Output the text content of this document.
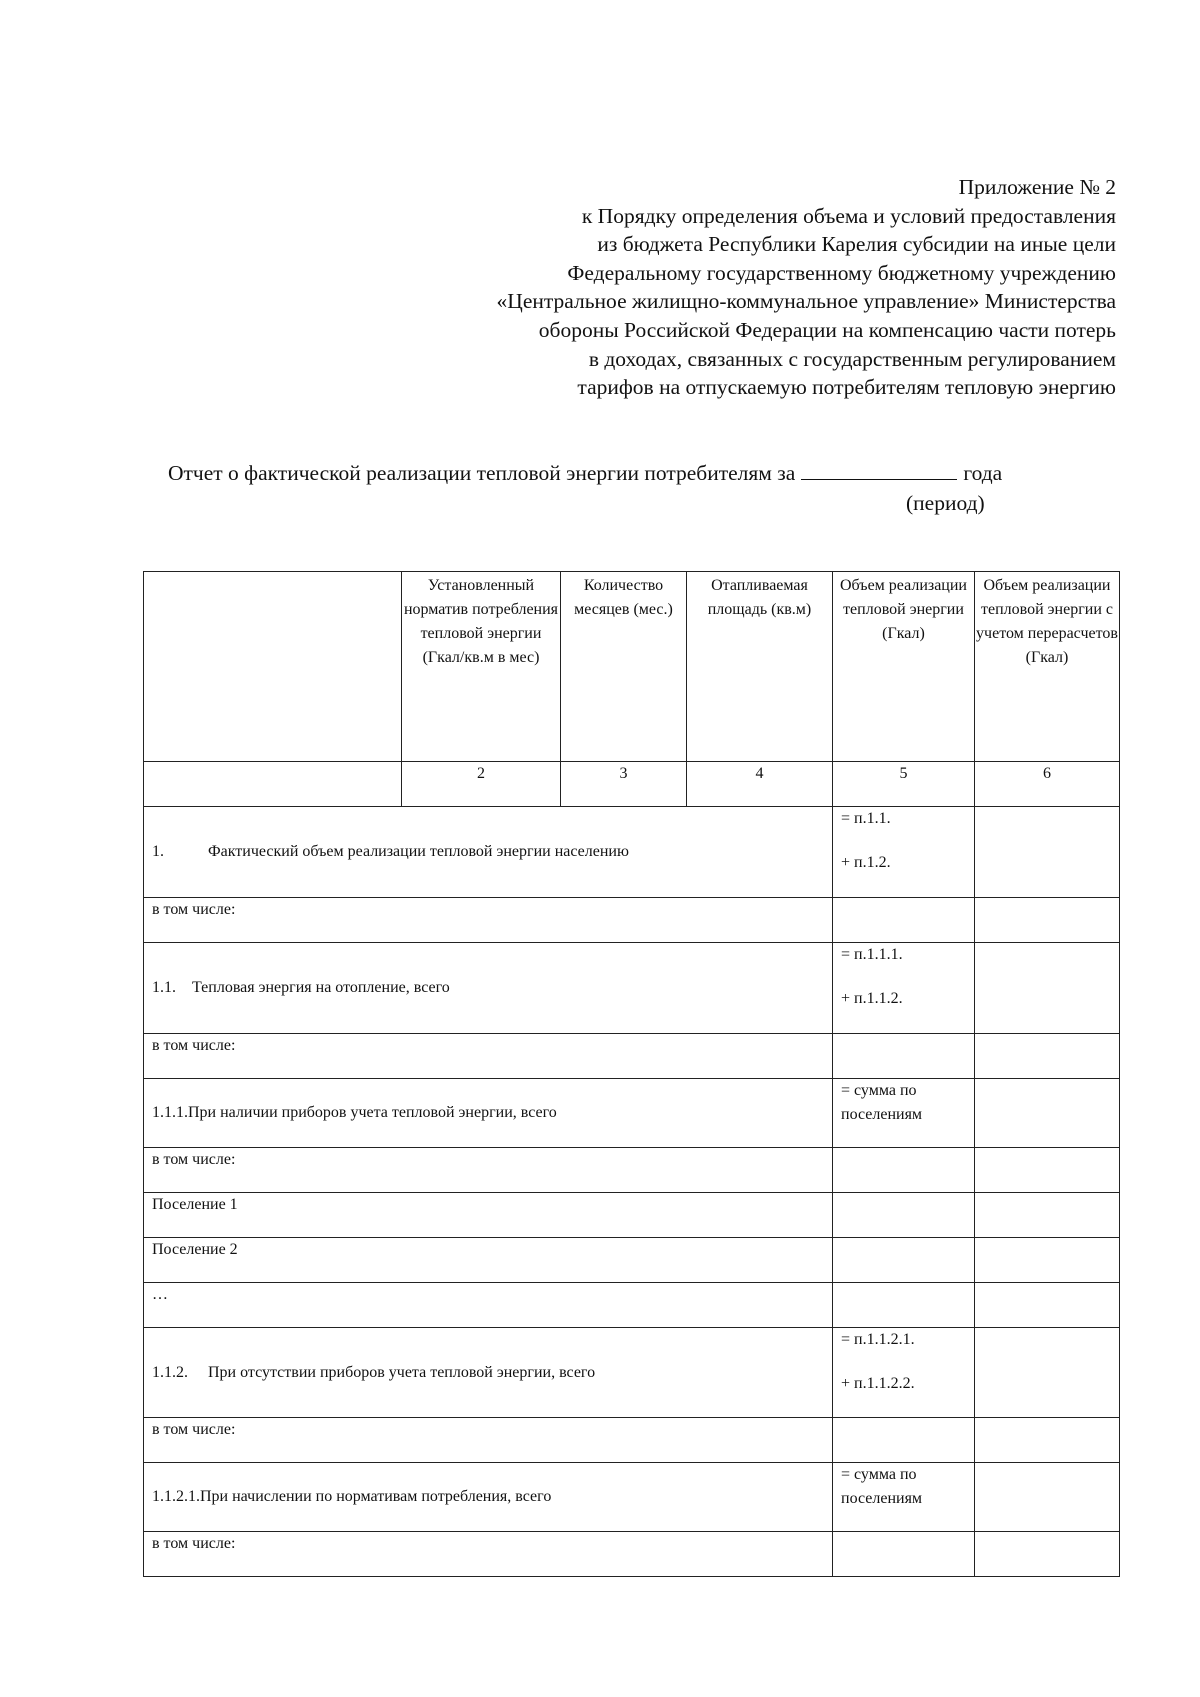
Приложение № 2
к Порядку определения объема и условий предоставления
из бюджета Республики Карелия субсидии на иные цели
Федеральному государственному бюджетному учреждению
«Центральное жилищно-коммунальное управление» Министерства
обороны Российской Федерации на компенсацию части потерь
в доходах, связанных с государственным регулированием
тарифов на отпускаемую потребителям тепловую энергию
Отчет о фактической реализации тепловой энергии потребителям за	года
(период)
	Установленный норматив потребления тепловой энергии (Гкал/кв.м в мес)	Количество месяцев (мес.)	Отапливаемая площадь (кв.м)	Объем реализации тепловой энергии (Гкал)	Объем реализации тепловой энергии с учетом перерасчетов (Гкал)
	2	3	4	5	6
1. Фактический объем реализации тепловой энергии населению				= п.1.1.
+ п.1.2.	
в том числе:					
1.1. Тепловая энергия на отопление, всего				= п.1.1.1.
+ п.1.1.2.	
в том числе:					
1.1.1.При наличии приборов учета тепловой энергии, всего				= сумма по
поселениям	

в том числе:					
Поселение 1					
Поселение 2					
…					
1.1.2. При отсутствии приборов учета тепловой энергии, всего				= п.1.1.2.1.
+ п.1.1.2.2.	
в том числе:					
1.1.2.1.При начислении по нормативам потребления, всего				= сумма по
поселениям	

в том числе:					
